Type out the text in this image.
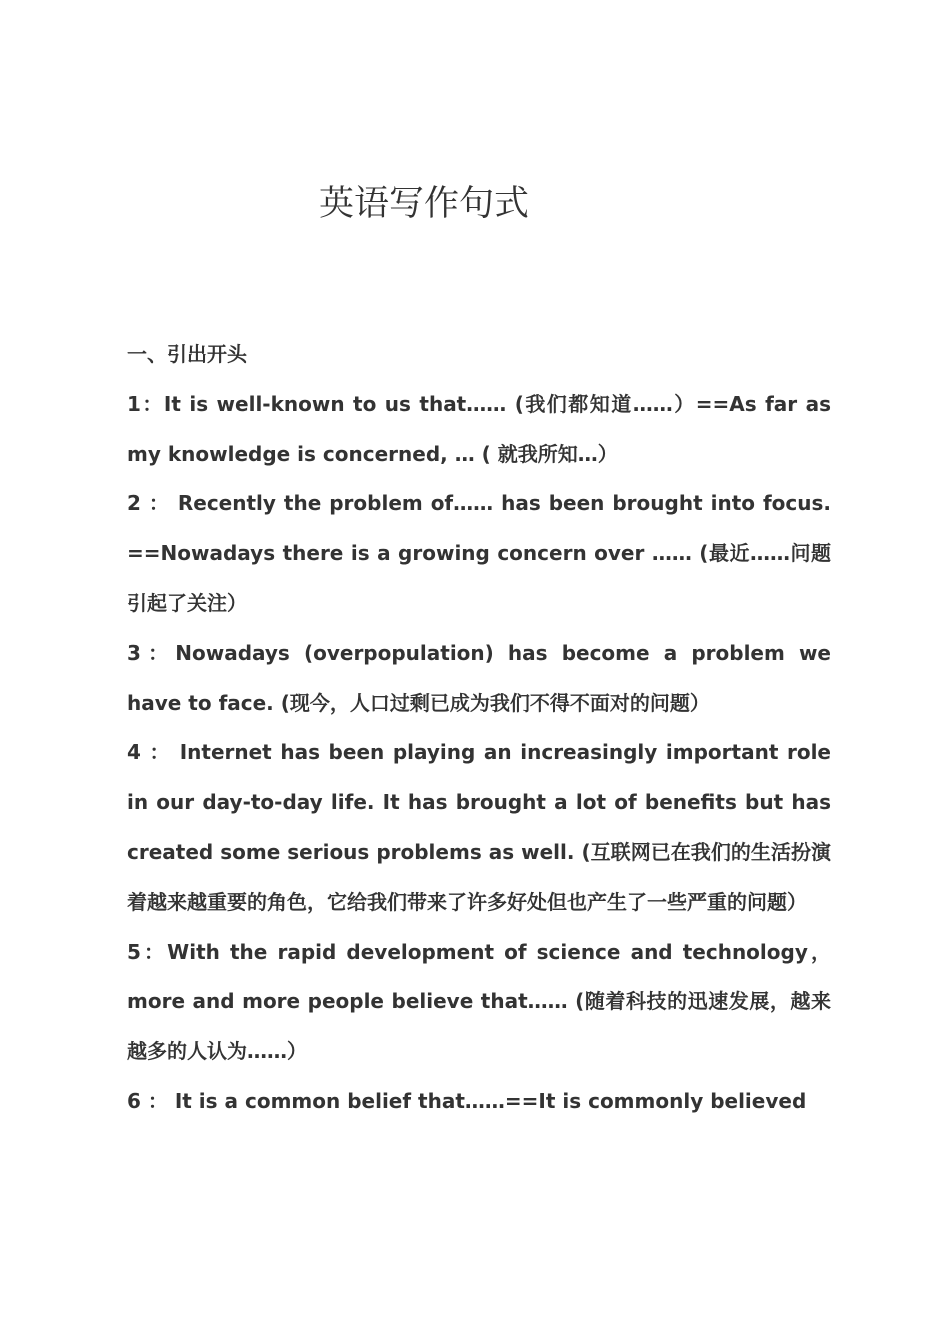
英语写作句式

一、引出开头

1：It is well-known to us that…… (我们都知道……）==As far as my knowledge is concerned, … ( 就我所知…）

2 ： Recently the problem of…… has been brought into focus. ==Nowadays there is a growing concern over …… (最近……问题引起了关注）

3：Nowadays (overpopulation) has become a problem we have to face. (现今，人口过剩已成为我们不得不面对的问题）

4 ： Internet has been playing an increasingly important role in our day-to-day life. It has brought a lot of benefits but has created some serious problems as well. (互联网已在我们的生活扮演着越来越重要的角色，它给我们带来了许多好处但也产生了一些严重的问题）

5：With the rapid development of science and technology，more and more people believe that…… (随着科技的迅速发展，越来越多的人认为……）

6 ： It is a common belief that……==It is commonly believed
